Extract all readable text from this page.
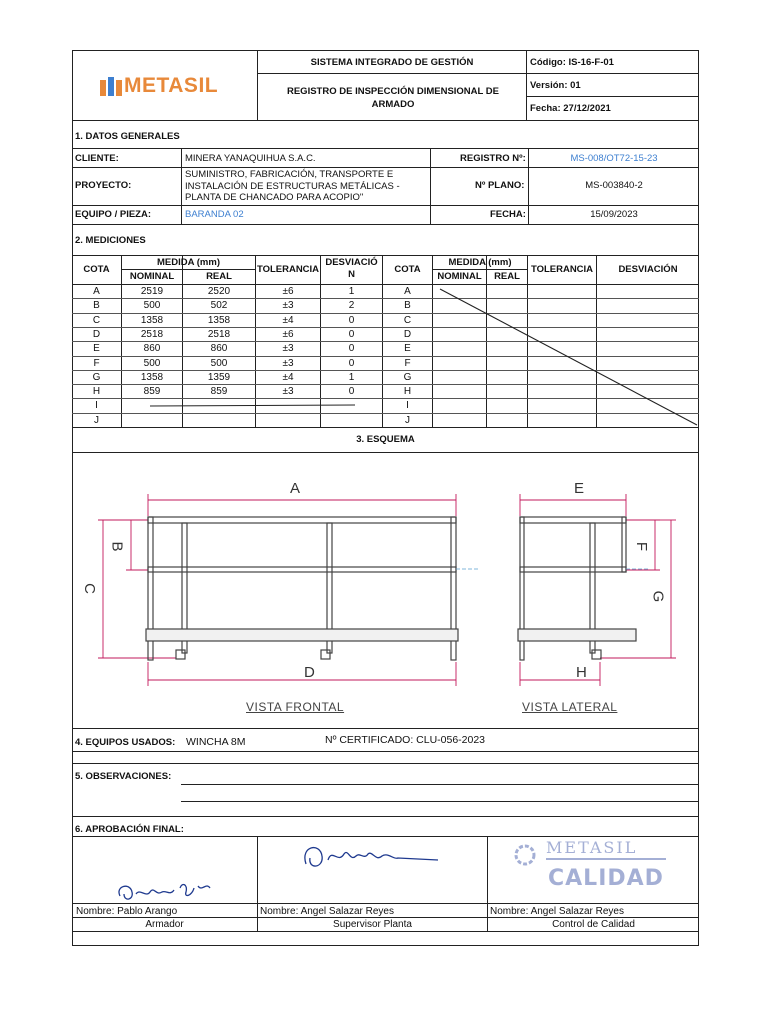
METASIL
SISTEMA INTEGRADO DE GESTIÓN
REGISTRO DE INSPECCIÓN DIMENSIONAL DE ARMADO
Código: IS-16-F-01
Versión: 01
Fecha: 27/12/2021
1. DATOS GENERALES
CLIENTE:	MINERA YANAQUIHUA S.A.C.	REGISTRO Nº:	MS-008/OT72-15-23
PROYECTO:
SUMINISTRO, FABRICACIÓN, TRANSPORTE E
INSTALACIÓN DE ESTRUCTURAS METÁLICAS -
PLANTA DE CHANCADO PARA ACOPIO"
Nº PLANO:	MS-003840-2
EQUIPO / PIEZA:	BARANDA 02	FECHA:	15/09/2023
2. MEDICIONES
COTA
MEDIDA (mm)
NOMINAL	REAL
TOLERANCIA
DESVIACIÓ N	COTA
MEDIDA (mm)
NOMINAL	REAL
TOLERANCIA	DESVIACIÓN
A	2519	2520	±6	1	A
B	500	502	±3	2	B
C	1358	1358	±4	0	C
D	2518	2518	±6	0	D
E	860	860	±3	0	E
F	500	500	±3	0	F
G	1358	1359	±4	1	G
H	859	859	±3	0	H
I	I
J	J
3. ESQUEMA
A
B
C
D
E
F
G
H
VISTA FRONTAL	VISTA LATERAL
4. EQUIPOS USADOS: WINCHA 8M	Nº CERTIFICADO: CLU-056-2023
5. OBSERVACIONES:
6. APROBACIÓN FINAL:
METASIL
CALIDAD
Nombre: Pablo Arango
Armador
Nombre: Angel Salazar Reyes
Supervisor Planta
Nombre: Angel Salazar Reyes
Control de Calidad
